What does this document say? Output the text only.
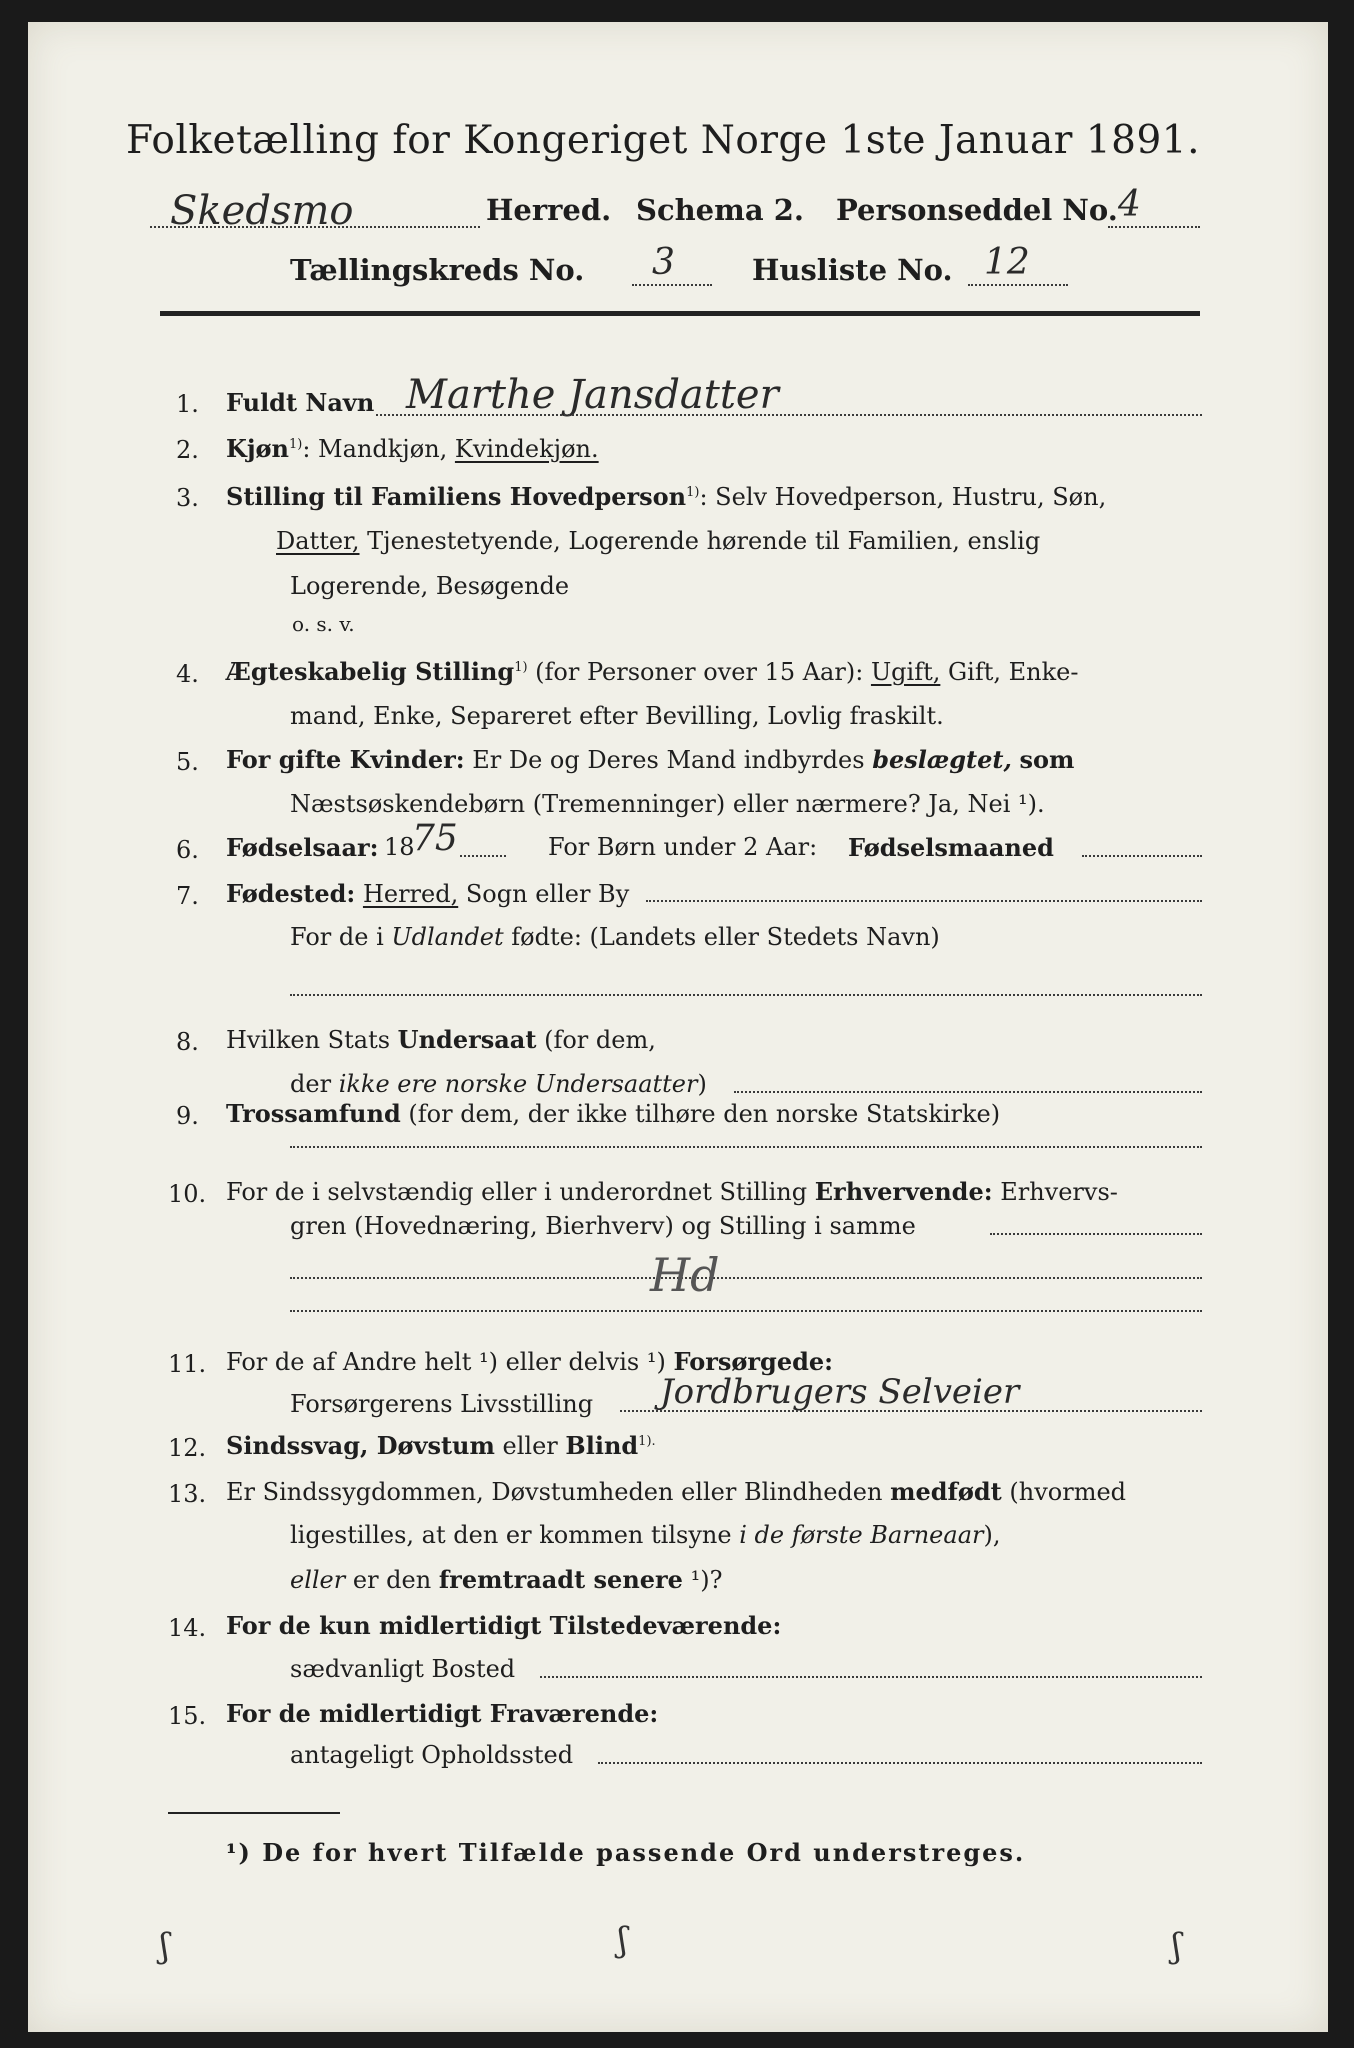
Folketælling for Kongeriget Norge 1ste Januar 1891.
Skedsmo	Herred. Schema 2. Personseddel No. 4
Tællingskreds No. 3	Husliste No. 12
1. Fuldt Navn Marthe Jansdatter
2. Kjøn$^{1)}$: Mandkjøn, Kvindekjøn.
3. Stilling til Familiens Hovedperson$^{1)}$: Selv Hovedperson, Hustru, Søn,
Datter, Tjenestetyende, Logerende hørende til Familien, enslig
Logerende, Besøgende
o. s. v.
4. Ægteskabelig Stilling$^{1)}$ (for Personer over 15 Aar): Ugift, Gift, Enke-
mand, Enke, Separeret efter Bevilling, Lovlig fraskilt.
5. For gifte Kvinder: Er De og Deres Mand indbyrdes beslægtet, som
Næstsøskendebørn (Tremenninger) eller nærmere? Ja, Nei ¹).
6. Fødselsaar: 18
75	For Børn under 2 Aar: Fødselsmaaned
7. Fødested: Herred, Sogn eller By
For de i Udlandet fødte: (Landets eller Stedets Navn)
8. Hvilken Stats Undersaat (for dem,
der ikke ere norske Undersaatter)
9. Trossamfund (for dem, der ikke tilhøre den norske Statskirke)
10. For de i selvstændig eller i underordnet Stilling Erhvervende: Erhvervs-
gren (Hovednæring, Bierhverv) og Stilling i samme
Hd
11. For de af Andre helt ¹) eller delvis ¹) Forsørgede:
Forsørgerens Livsstilling Jordbrugers Selveier
12. Sindssvag, Døvstum eller Blind$^{1).}$
13. Er Sindssygdommen, Døvstumheden eller Blindheden medfødt (hvormed
ligestilles, at den er kommen tilsyne i de første Barneaar),
eller er den fremtraadt senere ¹)?
14. For de kun midlertidigt Tilstedeværende:
sædvanligt Bosted
15. For de midlertidigt Fraværende:
antageligt Opholdssted
¹) De for hvert Tilfælde passende Ord understreges.
ʃ	ʃ	ʃ
